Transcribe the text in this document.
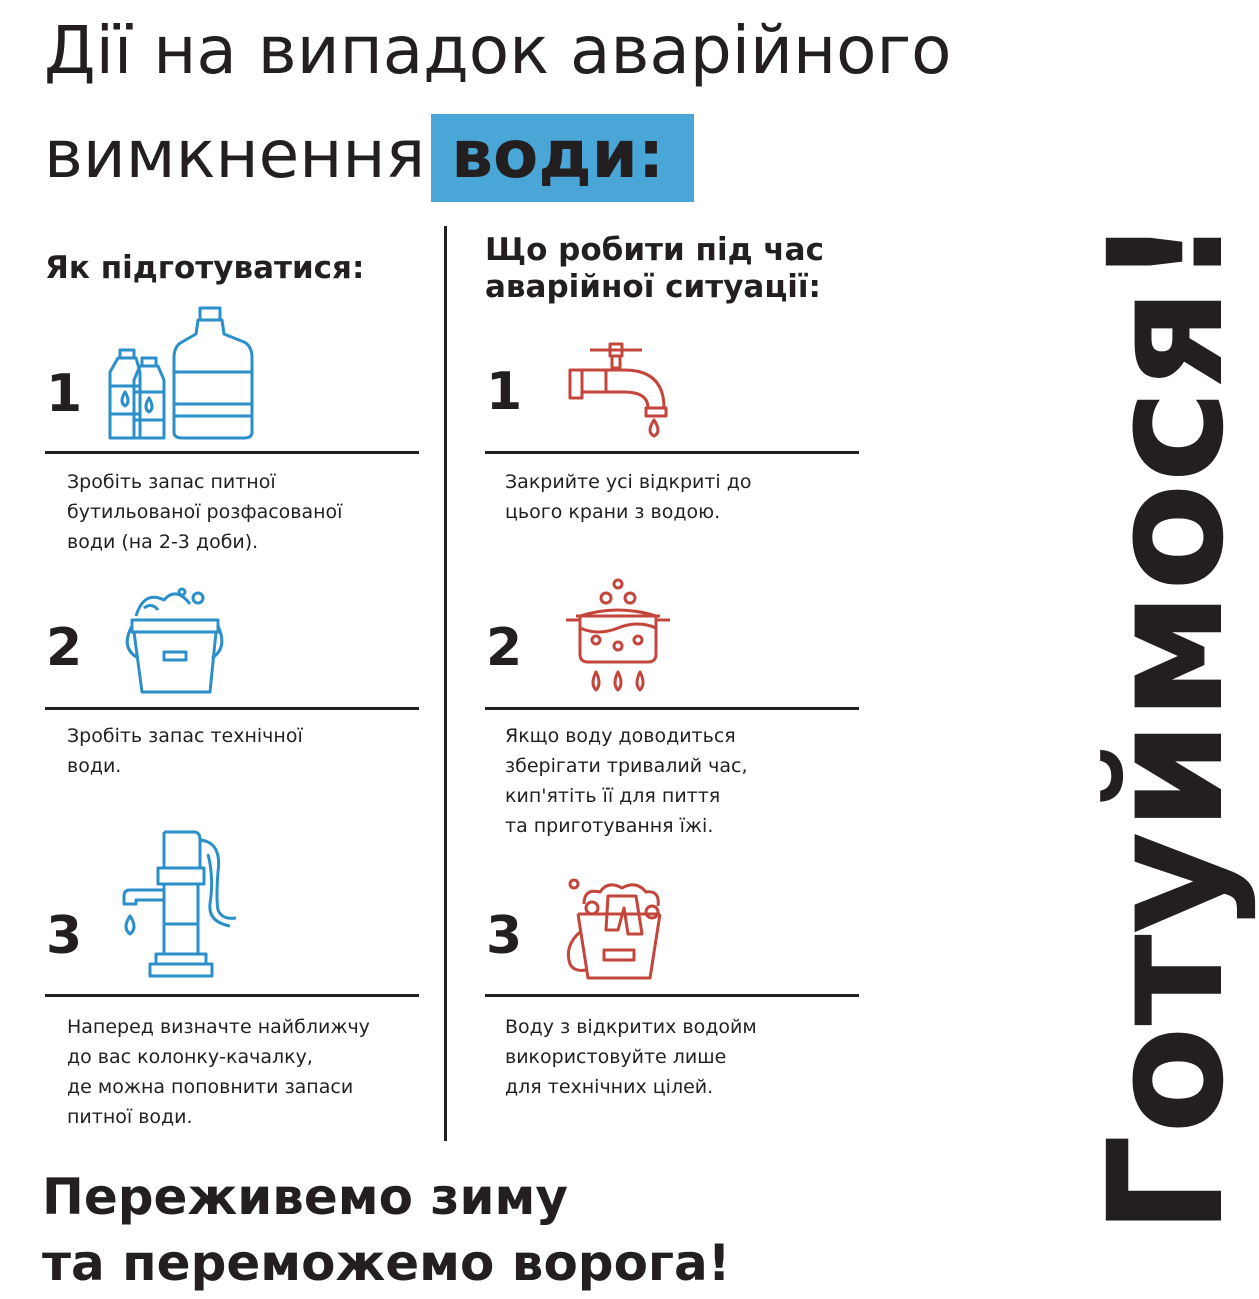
Дії на випадок аварійного
вимкнення води:
Як підготуватися:	Що робити під час
аварійної ситуації:
1
Зробіть запас питної
бутильованої розфасованої
води (на 2-3 доби).
2
Зробіть запас технічної
води.
3
Наперед визначте найближчу
до вас колонку-качалку,
де можна поповнити запаси
питної води.
1
Закрийте усі відкриті до
цього крани з водою.
2
Якщо воду доводиться
зберігати тривалий час,
кип'ятіть її для пиття
та приготування їжі.
3
Воду з відкритих водойм
використовуйте лише
для технічних цілей.
Переживемо зиму
та переможемо ворога!
Готуймося!
